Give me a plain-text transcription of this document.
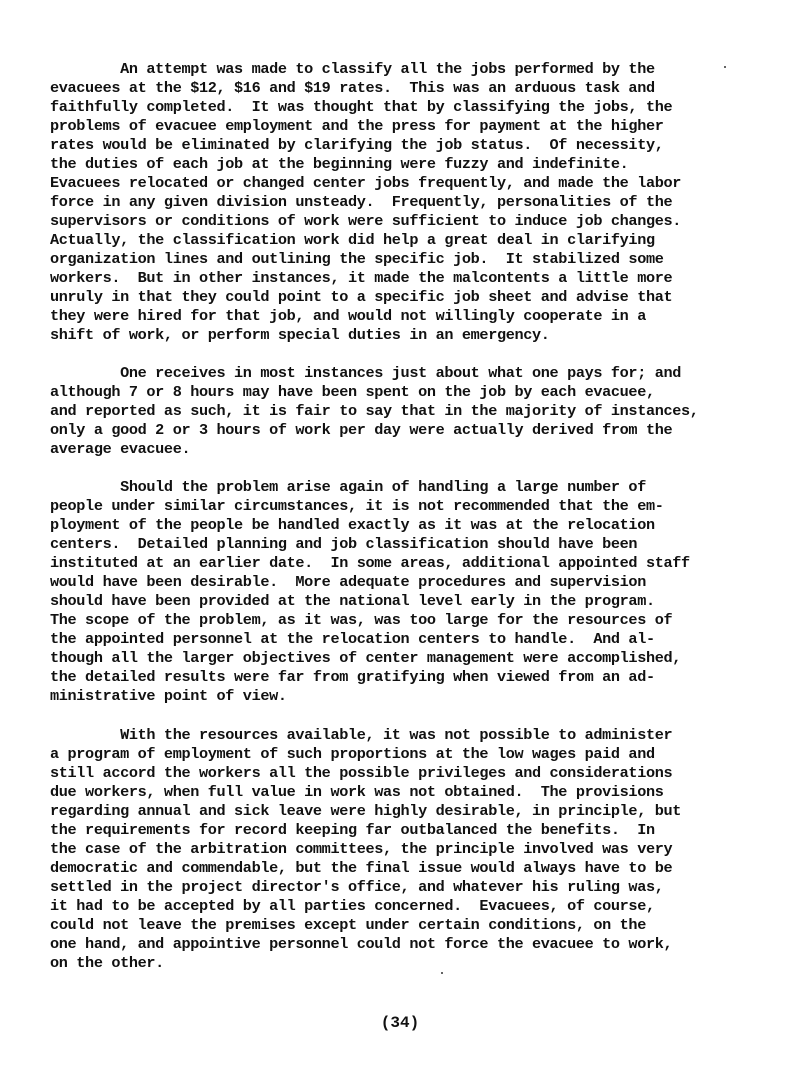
An attempt was made to classify all the jobs performed by the
evacuees at the $12, $16 and $19 rates.  This was an arduous task and
faithfully completed.  It was thought that by classifying the jobs, the
problems of evacuee employment and the press for payment at the higher
rates would be eliminated by clarifying the job status.  Of necessity,
the duties of each job at the beginning were fuzzy and indefinite.
Evacuees relocated or changed center jobs frequently, and made the labor
force in any given division unsteady.  Frequently, personalities of the
supervisors or conditions of work were sufficient to induce job changes.
Actually, the classification work did help a great deal in clarifying
organization lines and outlining the specific job.  It stabilized some
workers.  But in other instances, it made the malcontents a little more
unruly in that they could point to a specific job sheet and advise that
they were hired for that job, and would not willingly cooperate in a
shift of work, or perform special duties in an emergency.
One receives in most instances just about what one pays for; and
although 7 or 8 hours may have been spent on the job by each evacuee,
and reported as such, it is fair to say that in the majority of instances,
only a good 2 or 3 hours of work per day were actually derived from the
average evacuee.
Should the problem arise again of handling a large number of
people under similar circumstances, it is not recommended that the em-
ployment of the people be handled exactly as it was at the relocation
centers.  Detailed planning and job classification should have been
instituted at an earlier date.  In some areas, additional appointed staff
would have been desirable.  More adequate procedures and supervision
should have been provided at the national level early in the program.
The scope of the problem, as it was, was too large for the resources of
the appointed personnel at the relocation centers to handle.  And al-
though all the larger objectives of center management were accomplished,
the detailed results were far from gratifying when viewed from an ad-
ministrative point of view.
With the resources available, it was not possible to administer
a program of employment of such proportions at the low wages paid and
still accord the workers all the possible privileges and considerations
due workers, when full value in work was not obtained.  The provisions
regarding annual and sick leave were highly desirable, in principle, but
the requirements for record keeping far outbalanced the benefits.  In
the case of the arbitration committees, the principle involved was very
democratic and commendable, but the final issue would always have to be
settled in the project director's office, and whatever his ruling was,
it had to be accepted by all parties concerned.  Evacuees, of course,
could not leave the premises except under certain conditions, on the
one hand, and appointive personnel could not force the evacuee to work,
on the other.
(34)
